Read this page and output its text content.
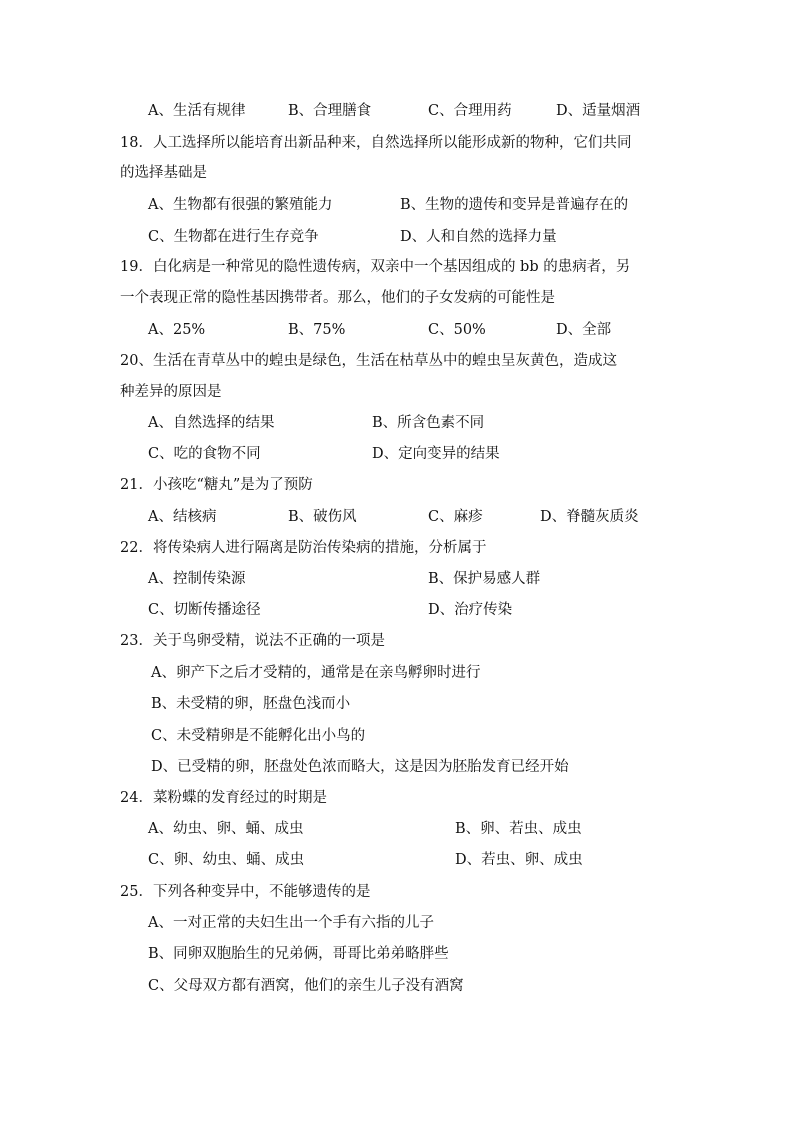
A、生活有规律	B、合理膳食	C、合理用药	D、适量烟酒
18．人工选择所以能培育出新品种来，自然选择所以能形成新的物种，它们共同
的选择基础是
A、生物都有很强的繁殖能力	B、生物的遗传和变异是普遍存在的
C、生物都在进行生存竞争	D、人和自然的选择力量
19．白化病是一种常见的隐性遗传病，双亲中一个基因组成的 bb 的患病者，另
一个表现正常的隐性基因携带者。那么，他们的子女发病的可能性是
A、25%	B、75%	C、50%	D、全部
20、生活在青草丛中的蝗虫是绿色，生活在枯草丛中的蝗虫呈灰黄色，造成这
种差异的原因是
A、自然选择的结果	B、所含色素不同
C、吃的食物不同	D、定向变异的结果
21．小孩吃“糖丸”是为了预防
A、结核病	B、破伤风	C、麻疹	D、脊髓灰质炎
22．将传染病人进行隔离是防治传染病的措施，分析属于
A、控制传染源	B、保护易感人群
C、切断传播途径	D、治疗传染
23．关于鸟卵受精，说法不正确的一项是
A、卵产下之后才受精的，通常是在亲鸟孵卵时进行
B、未受精的卵，胚盘色浅而小
C、未受精卵是不能孵化出小鸟的
D、已受精的卵，胚盘处色浓而略大，这是因为胚胎发育已经开始
24．菜粉蝶的发育经过的时期是
A、幼虫、卵、蛹、成虫	B、卵、若虫、成虫
C、卵、幼虫、蛹、成虫	D、若虫、卵、成虫
25．下列各种变异中，不能够遗传的是
A、一对正常的夫妇生出一个手有六指的儿子
B、同卵双胞胎生的兄弟俩，哥哥比弟弟略胖些
C、父母双方都有酒窝，他们的亲生儿子没有酒窝
